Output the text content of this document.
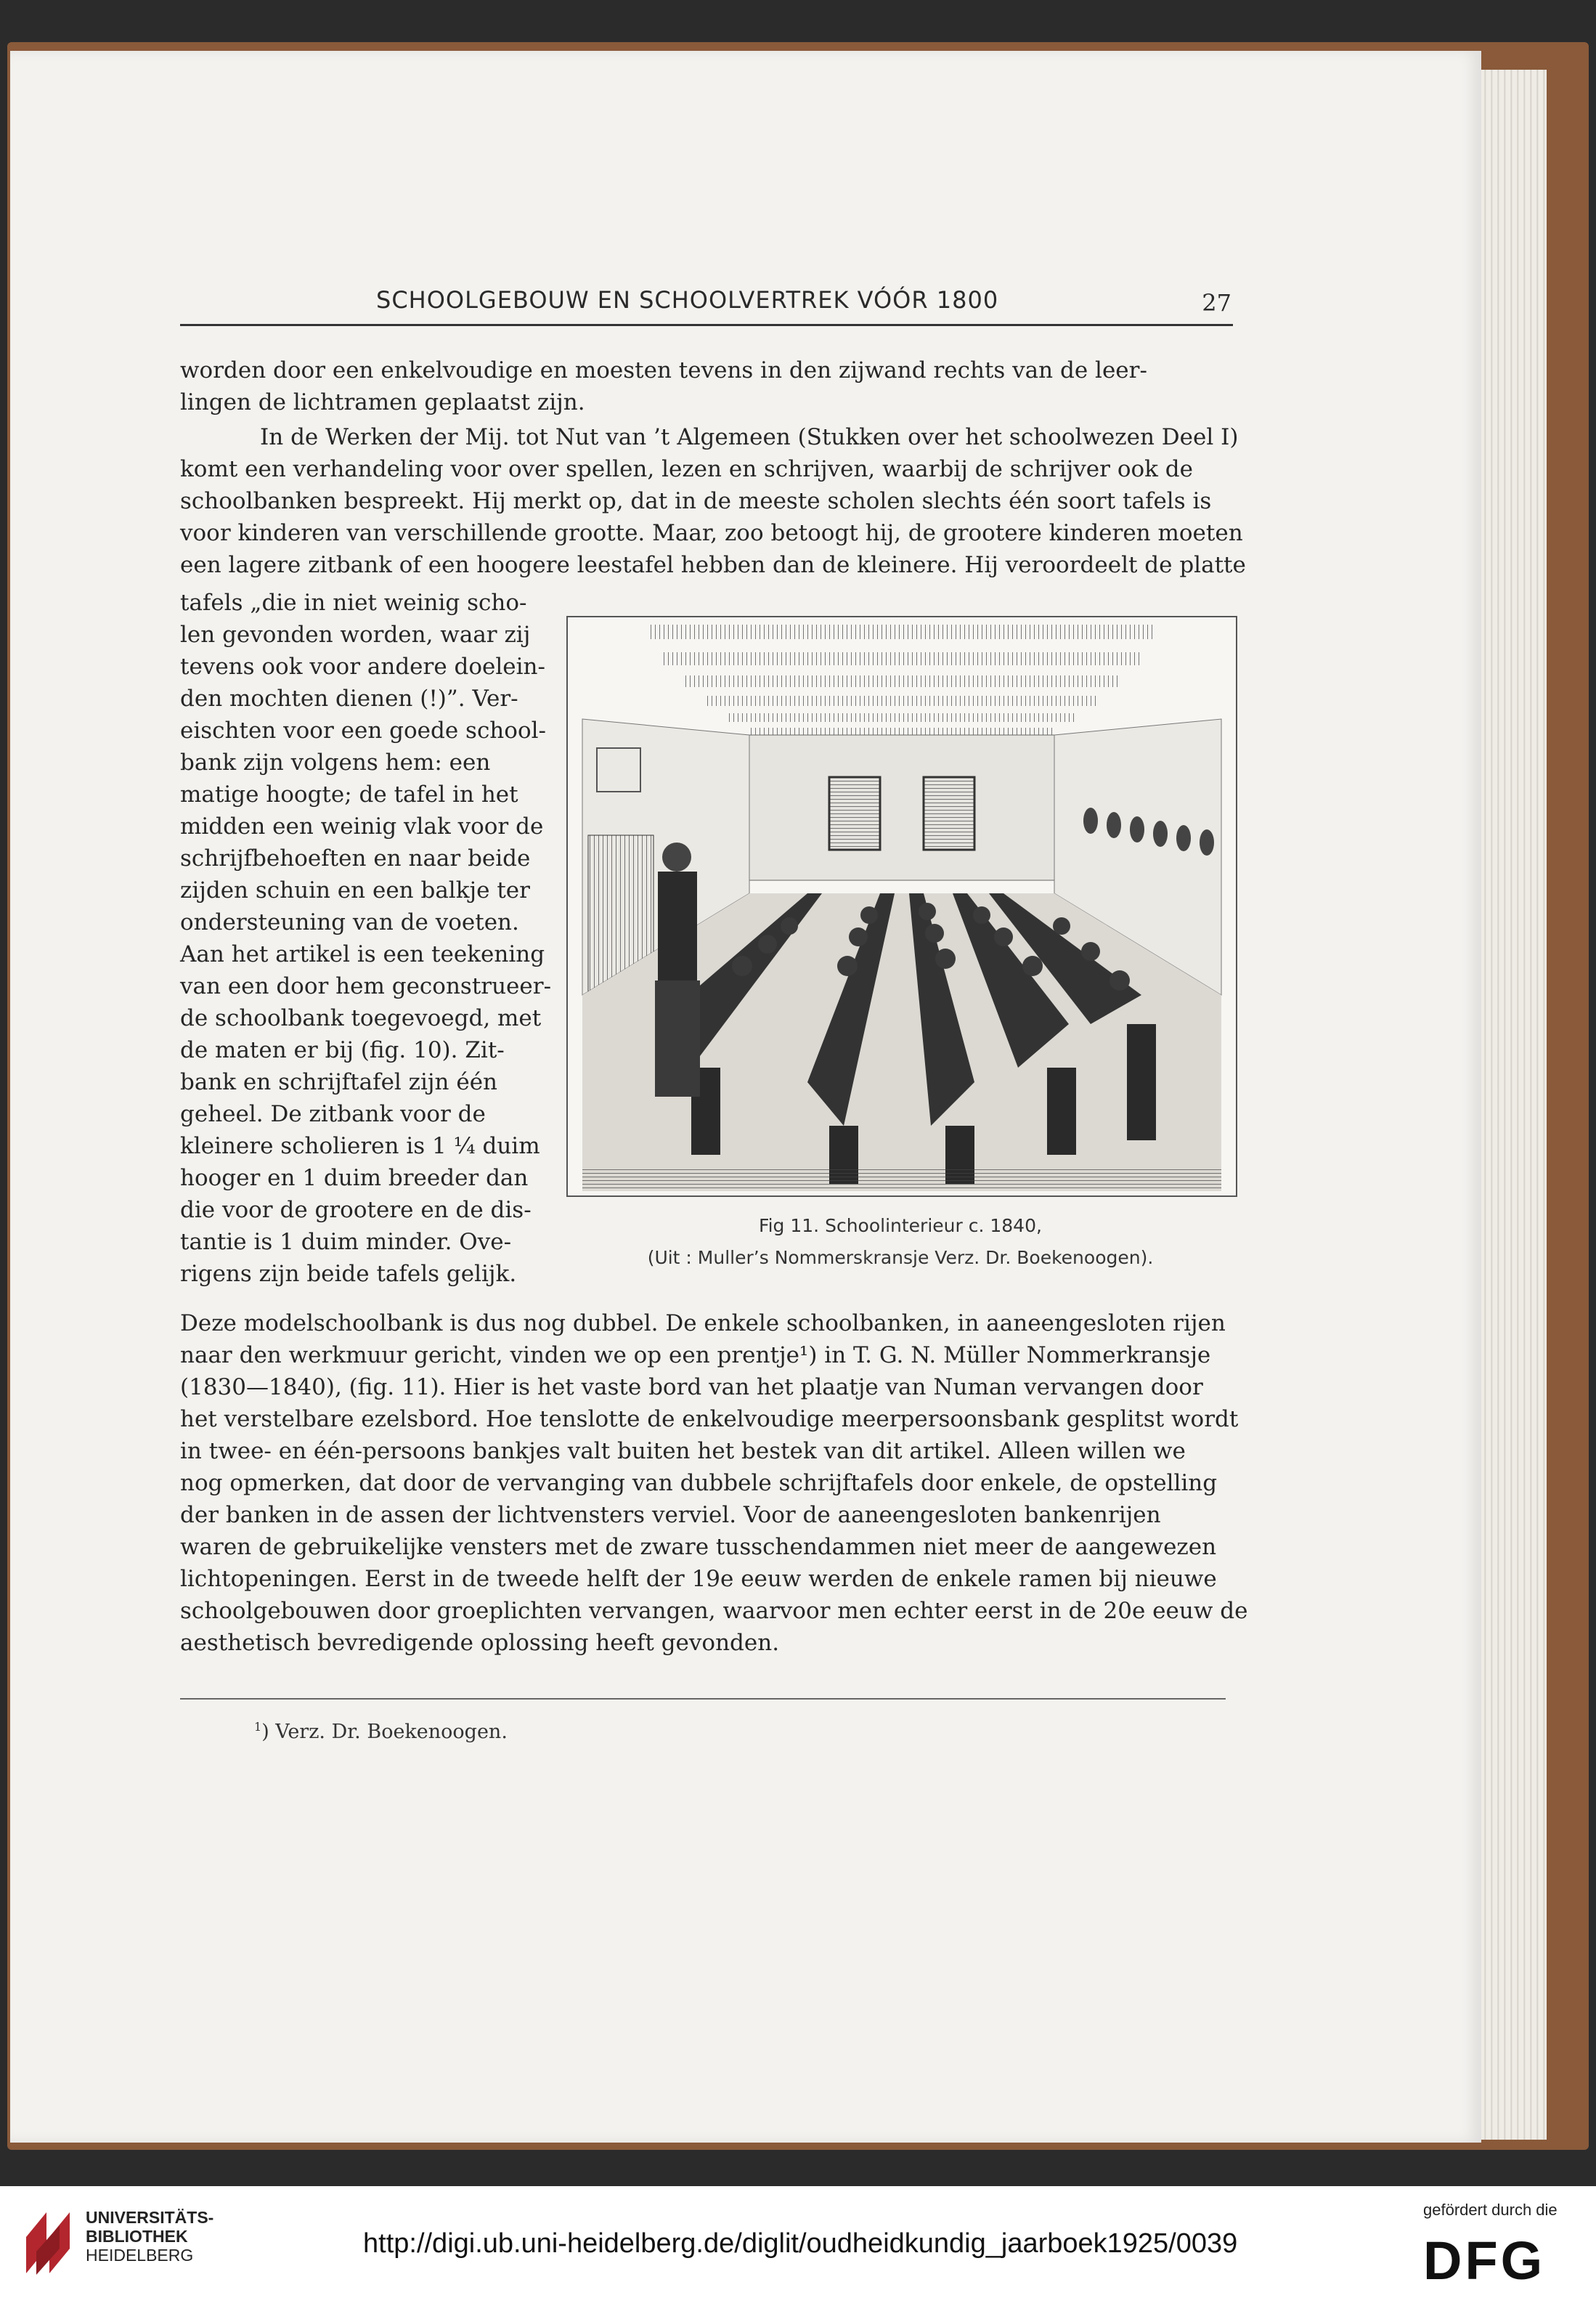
SCHOOLGEBOUW EN SCHOOLVERTREK VÓÓR 1800	27
worden door een enkelvoudige en moesten tevens in den zijwand rechts van de leer-
lingen de lichtramen geplaatst zijn.
In de Werken der Mij. tot Nut van ’t Algemeen (Stukken over het schoolwezen Deel I)
komt een verhandeling voor over spellen, lezen en schrijven, waarbij de schrijver ook de
schoolbanken bespreekt. Hij merkt op, dat in de meeste scholen slechts één soort tafels is
voor kinderen van verschillende grootte. Maar, zoo betoogt hij, de grootere kinderen moeten
een lagere zitbank of een hoogere leestafel hebben dan de kleinere. Hij veroordeelt de platte
tafels „die in niet weinig scho-
len gevonden worden, waar zij
tevens ook voor andere doelein-
den mochten dienen (!)”. Ver-
eischten voor een goede school-
bank zijn volgens hem: een
matige hoogte; de tafel in het
midden een weinig vlak voor de
schrijfbehoeften en naar beide
zijden schuin en een balkje ter
ondersteuning van de voeten.
Aan het artikel is een teekening
van een door hem geconstrueer-
de schoolbank toegevoegd, met
de maten er bij (fig. 10). Zit-
bank en schrijftafel zijn één
geheel. De zitbank voor de
kleinere scholieren is 1 ¼ duim
hooger en 1 duim breeder dan
die voor de grootere en de dis-
tantie is 1 duim minder. Ove-
rigens zijn beide tafels gelijk.
Fig 11. Schoolinterieur c. 1840,
(Uit : Muller’s Nommerskransje Verz. Dr. Boekenoogen).
Deze modelschoolbank is dus nog dubbel. De enkele schoolbanken, in aaneengesloten rijen
naar den werkmuur gericht, vinden we op een prentje¹) in T. G. N. Müller Nommerkransje
(1830—1840), (fig. 11). Hier is het vaste bord van het plaatje van Numan vervangen door
het verstelbare ezelsbord. Hoe tenslotte de enkelvoudige meerpersoonsbank gesplitst wordt
in twee- en één-persoons bankjes valt buiten het bestek van dit artikel. Alleen willen we
nog opmerken, dat door de vervanging van dubbele schrijftafels door enkele, de opstelling
der banken in de assen der lichtvensters verviel. Voor de aaneengesloten bankenrijen
waren de gebruikelijke vensters met de zware tusschendammen niet meer de aangewezen
lichtopeningen. Eerst in de tweede helft der 19e eeuw werden de enkele ramen bij nieuwe
schoolgebouwen door groeplichten vervangen, waarvoor men echter eerst in de 20e eeuw de
aesthetisch bevredigende oplossing heeft gevonden.
$^1$) Verz. Dr. Boekenoogen.
UNIVERSITÄTS-
BIBLIOTHEK
HEIDELBERG	http://digi.ub.uni-heidelberg.de/diglit/oudheidkundig_jaarboek1925/0039
gefördert durch die
DFG
